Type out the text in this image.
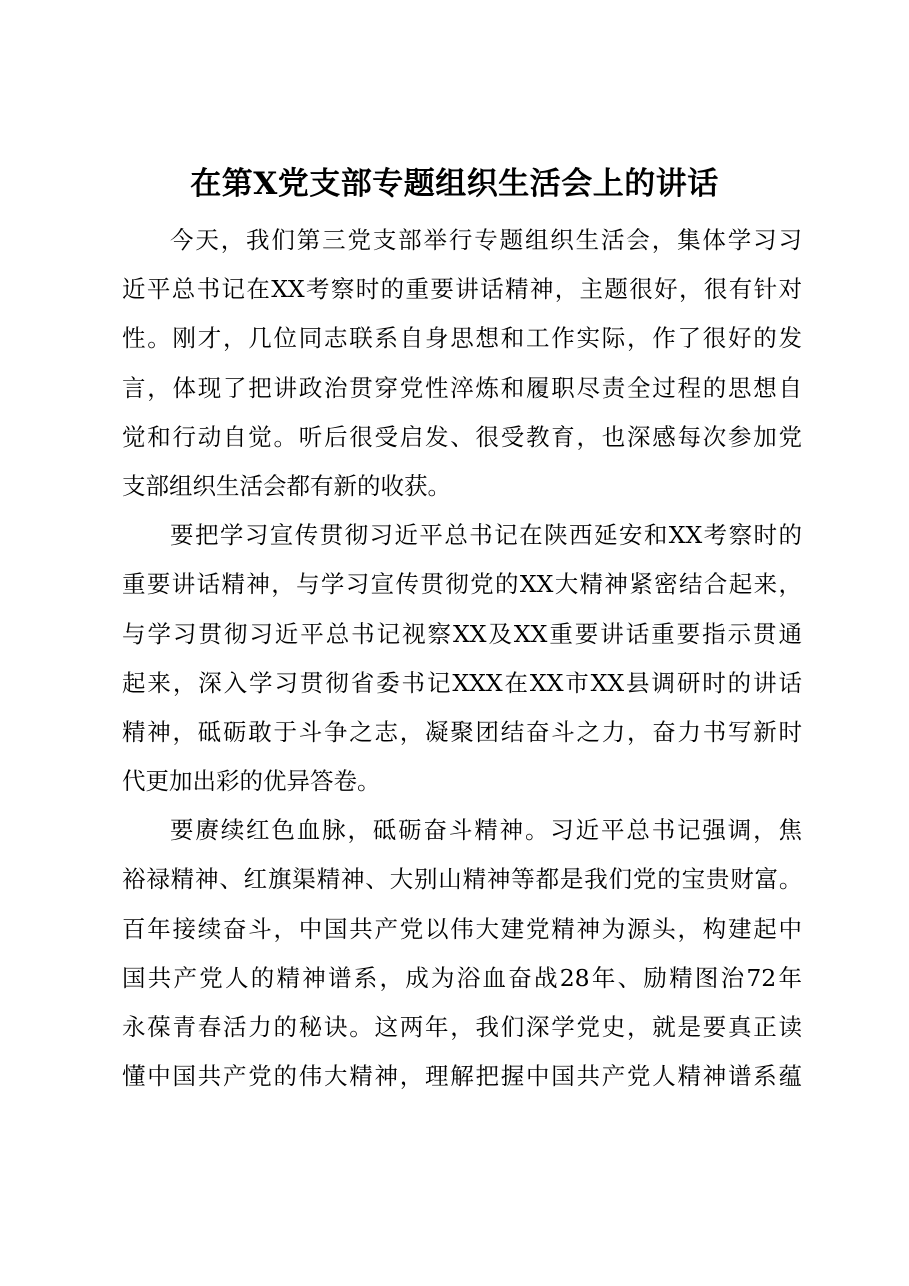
在第X党支部专题组织生活会上的讲话
今天，我们第三党支部举行专题组织生活会，集体学习习
近平总书记在XX考察时的重要讲话精神，主题很好，很有针对
性。刚才，几位同志联系自身思想和工作实际，作了很好的发
言，体现了把讲政治贯穿党性淬炼和履职尽责全过程的思想自
觉和行动自觉。听后很受启发、很受教育，也深感每次参加党
支部组织生活会都有新的收获。
要把学习宣传贯彻习近平总书记在陕西延安和XX考察时的
重要讲话精神，与学习宣传贯彻党的XX大精神紧密结合起来，
与学习贯彻习近平总书记视察XX及XX重要讲话重要指示贯通
起来，深入学习贯彻省委书记XXX在XX市XX县调研时的讲话
精神，砥砺敢于斗争之志，凝聚团结奋斗之力，奋力书写新时
代更加出彩的优异答卷。
要赓续红色血脉，砥砺奋斗精神。习近平总书记强调，焦
裕禄精神、红旗渠精神、大别山精神等都是我们党的宝贵财富。
百年接续奋斗，中国共产党以伟大建党精神为源头，构建起中
国共产党人的精神谱系，成为浴血奋战28年、励精图治72年
永葆青春活力的秘诀。这两年，我们深学党史，就是要真正读
懂中国共产党的伟大精神，理解把握中国共产党人精神谱系蕴
